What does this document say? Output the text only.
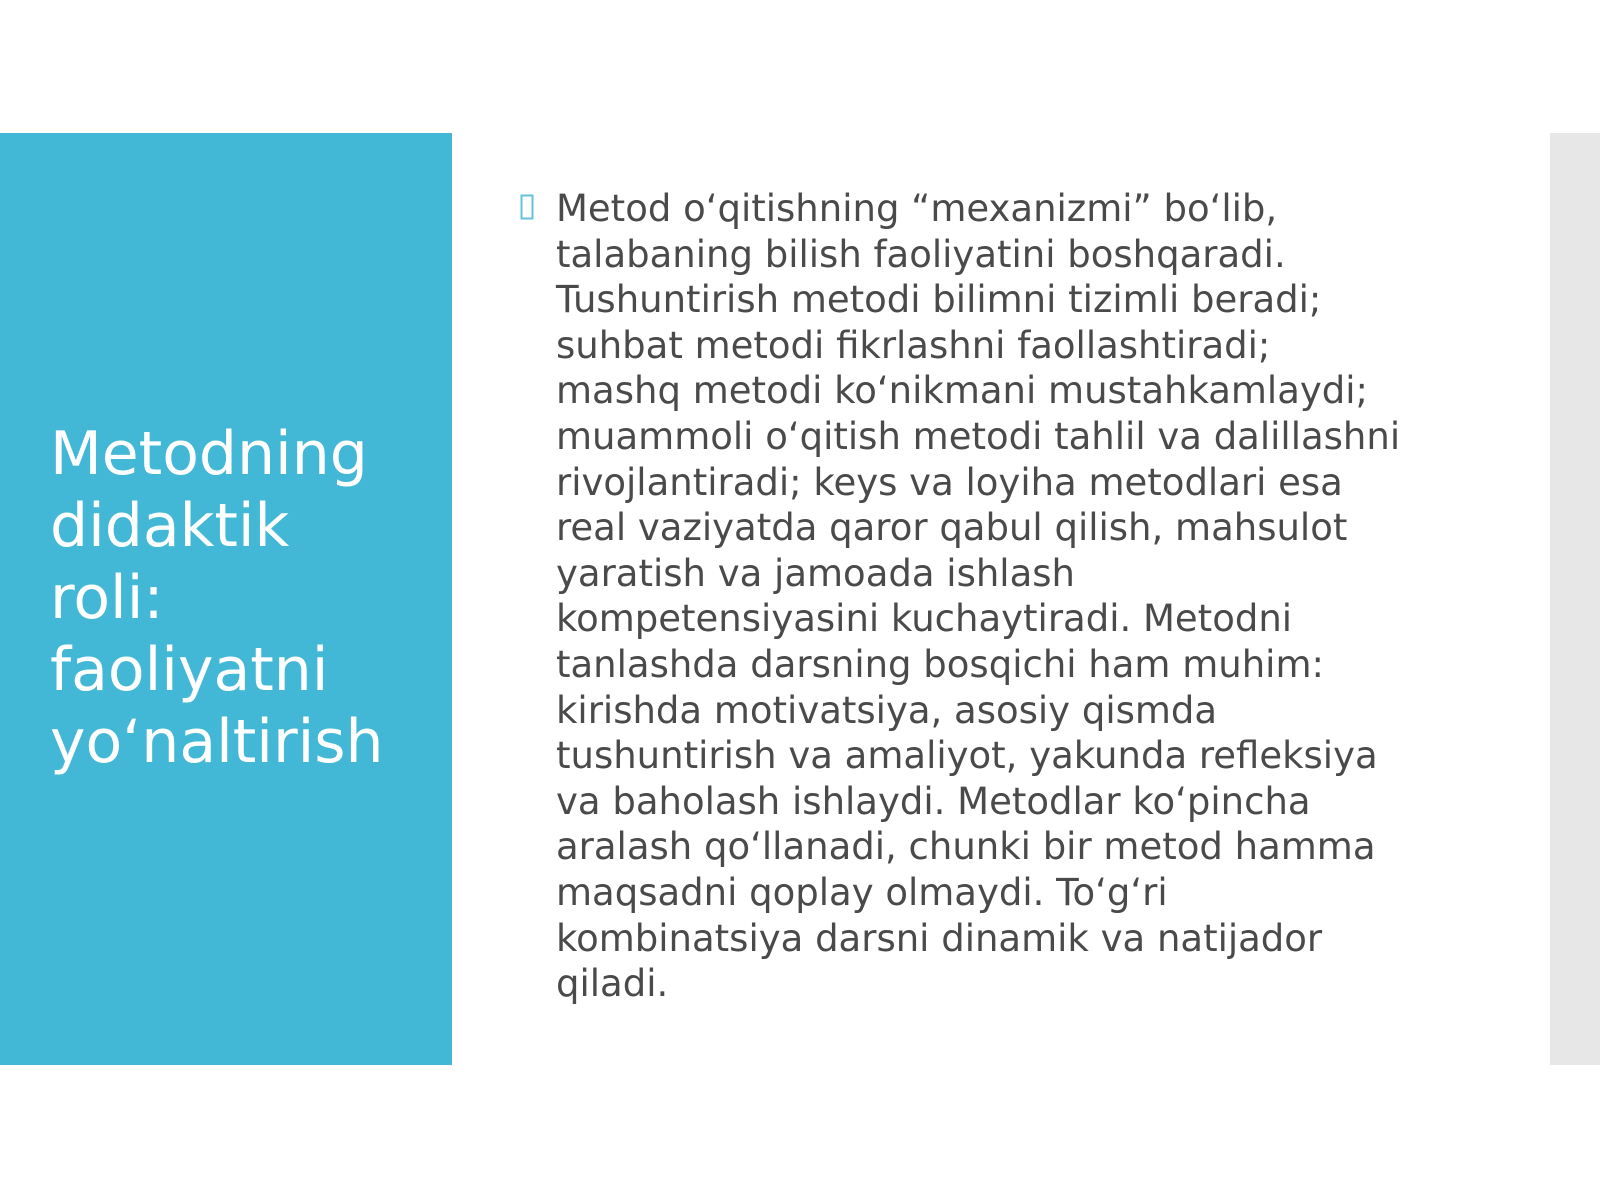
Metodning
didaktik
roli:
faoliyatni
yo‘naltirish

Metod o‘qitishning “mexanizmi” bo‘lib,
talabaning bilish faoliyatini boshqaradi.
Tushuntirish metodi bilimni tizimli beradi;
suhbat metodi fikrlashni faollashtiradi;
mashq metodi ko‘nikmani mustahkamlaydi;
muammoli o‘qitish metodi tahlil va dalillashni
rivojlantiradi; keys va loyiha metodlari esa
real vaziyatda qaror qabul qilish, mahsulot
yaratish va jamoada ishlash
kompetensiyasini kuchaytiradi. Metodni
tanlashda darsning bosqichi ham muhim:
kirishda motivatsiya, asosiy qismda
tushuntirish va amaliyot, yakunda refleksiya
va baholash ishlaydi. Metodlar ko‘pincha
aralash qo‘llanadi, chunki bir metod hamma
maqsadni qoplay olmaydi. To‘g‘ri
kombinatsiya darsni dinamik va natijador
qiladi.
